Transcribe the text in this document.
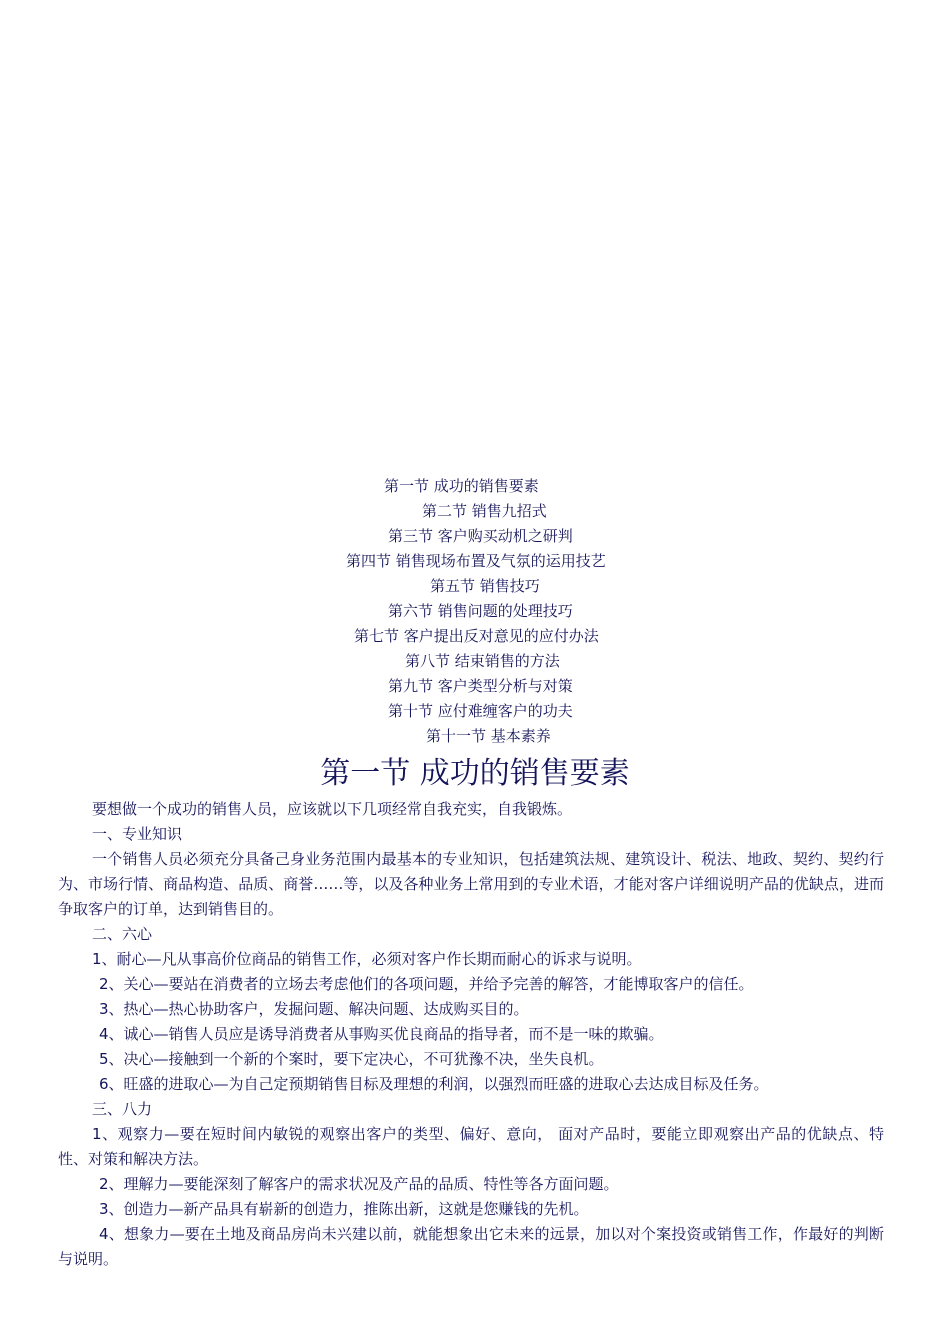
第一节 成功的销售要素
第二节 销售九招式
第三节 客户购买动机之研判
第四节 销售现场布置及气氛的运用技艺
第五节 销售技巧
第六节 销售问题的处理技巧
第七节 客户提出反对意见的应付办法
第八节 结束销售的方法
第九节 客户类型分析与对策
第十节 应付难缠客户的功夫
第十一节 基本素养
第一节 成功的销售要素

要想做一个成功的销售人员，应该就以下几项经常自我充实，自我锻炼。

一、专业知识

一个销售人员必须充分具备己身业务范围内最基本的专业知识，包括建筑法规、建筑设计、税法、地政、契约、契约行为、市场行情、商品构造、品质、商誉……等，以及各种业务上常用到的专业术语，才能对客户详细说明产品的优缺点，进而争取客户的订单，达到销售目的。

二、六心

1、耐心—凡从事高价位商品的销售工作，必须对客户作长期而耐心的诉求与说明。

2、关心—要站在消费者的立场去考虑他们的各项问题，并给予完善的解答，才能博取客户的信任。

3、热心—热心协助客户，发掘问题、解决问题、达成购买目的。

4、诚心—销售人员应是诱导消费者从事购买优良商品的指导者，而不是一味的欺骗。

5、决心—接触到一个新的个案时，要下定决心，不可犹豫不决，坐失良机。

6、旺盛的进取心—为自己定预期销售目标及理想的利润，以强烈而旺盛的进取心去达成目标及任务。

三、八力

1、观察力—要在短时间内敏锐的观察出客户的类型、偏好、意向， 面对产品时，要能立即观察出产品的优缺点、特性、对策和解决方法。

2、理解力—要能深刻了解客户的需求状况及产品的品质、特性等各方面问题。

3、创造力—新产品具有崭新的创造力，推陈出新，这就是您赚钱的先机。

4、想象力—要在土地及商品房尚未兴建以前，就能想象出它未来的远景，加以对个案投资或销售工作，作最好的判断与说明。
